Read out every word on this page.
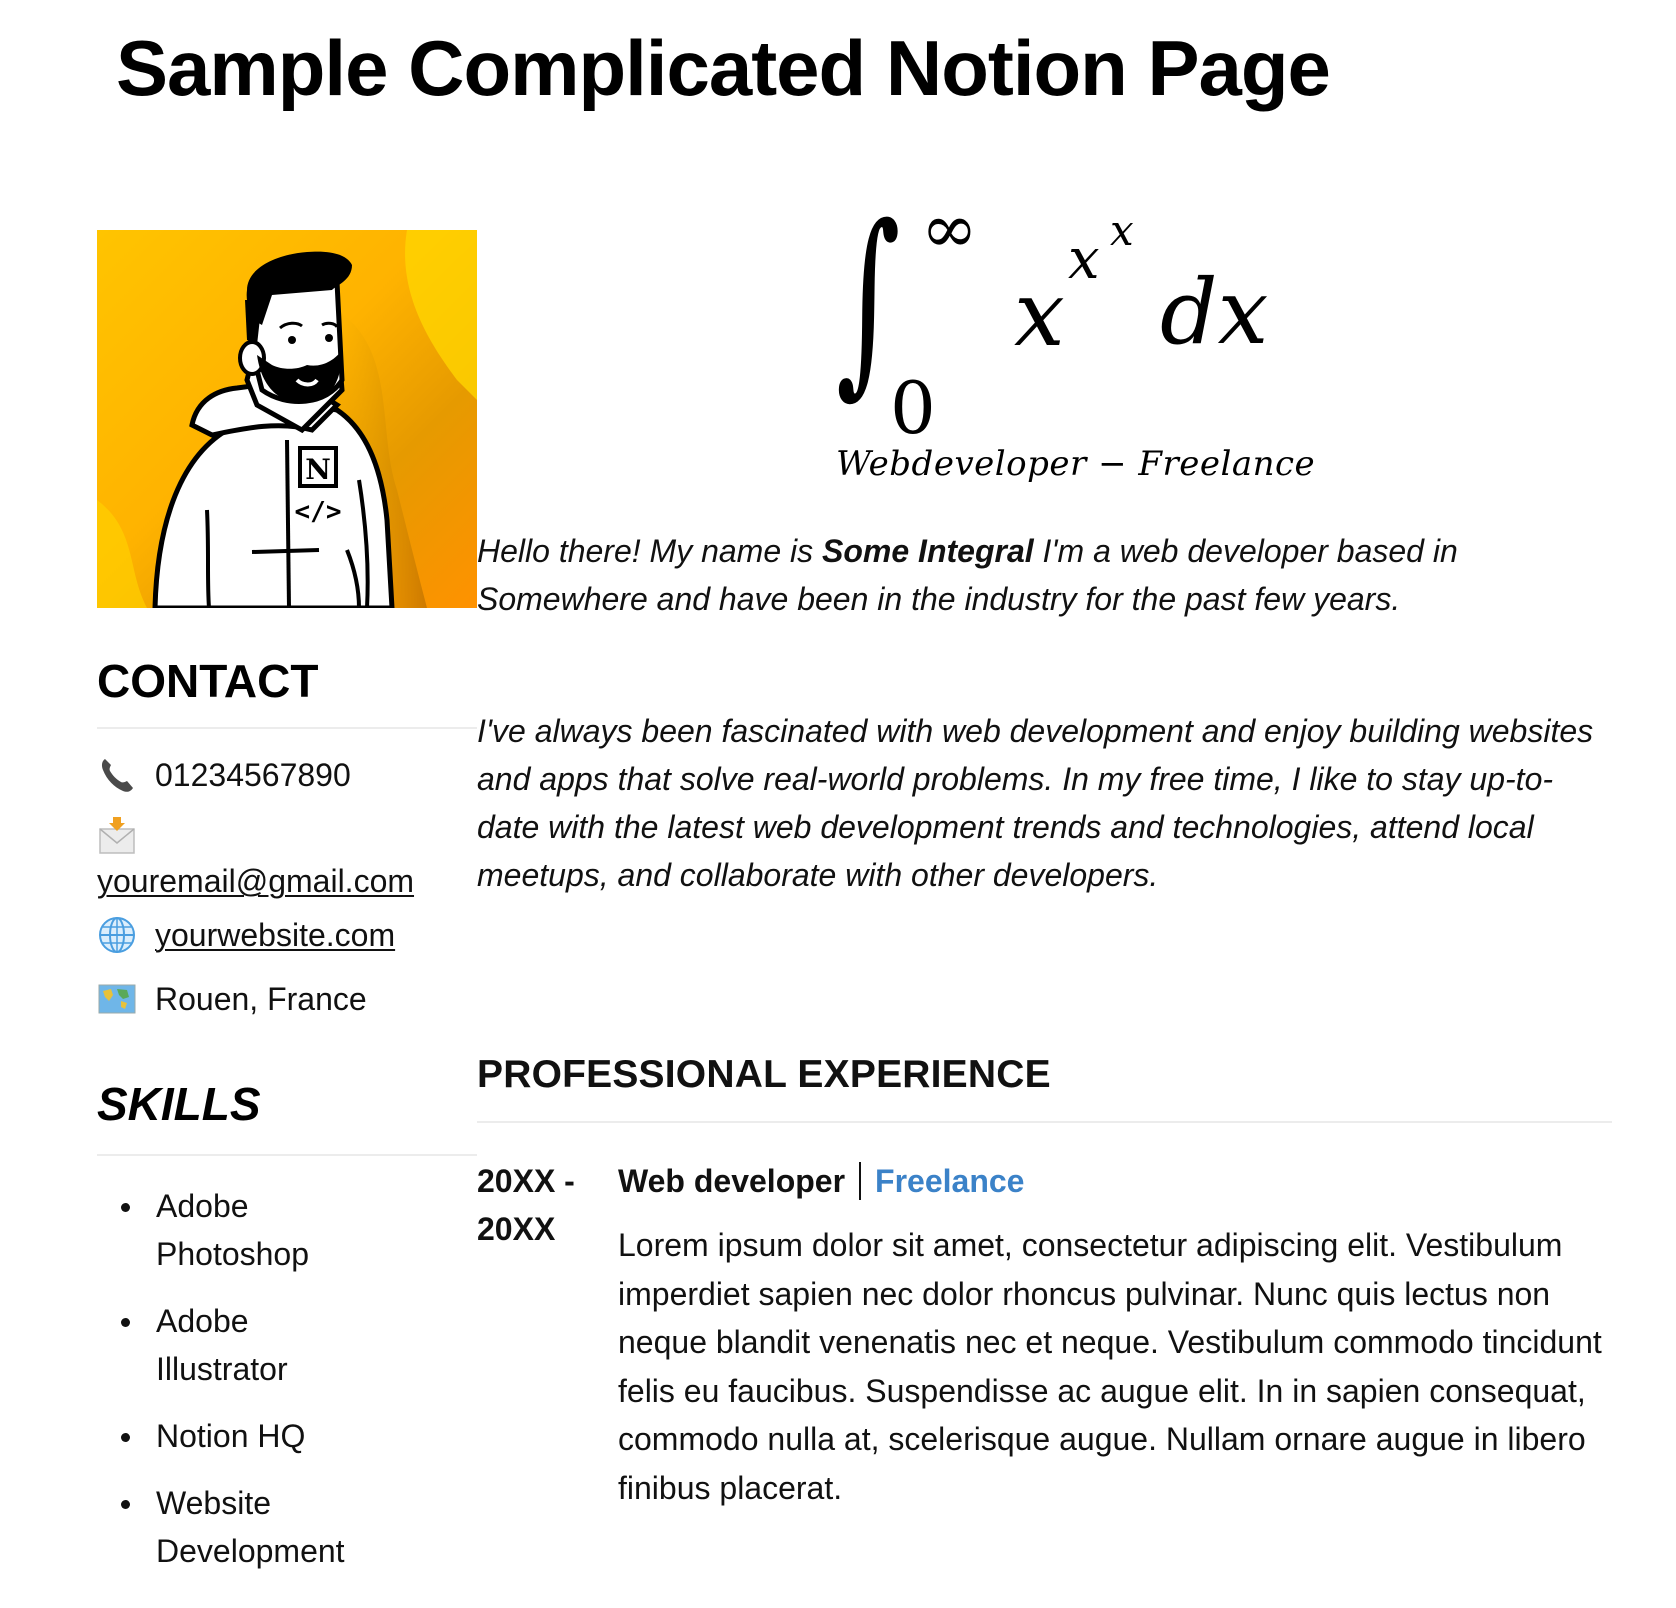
Sample Complicated Notion Page
N
</>
CONTACT
01234567890
youremail@gmail.com
yourwebsite.com
Rouen, France
SKILLS
Adobe Photoshop
Adobe Illustrator
Notion HQ
Website Development
∫ ∞
0
x
x x
dx
Webdeveloper − Freelance

Hello there! My name is Some Integral I'm a web developer based in Somewhere and have been in the industry for the past few years.

I've always been fascinated with web development and enjoy building websites and apps that solve real-world problems. In my free time, I like to stay up-to-date with the latest web development trends and technologies, attend local meetups, and collaborate with other developers.

PROFESSIONAL EXPERIENCE
20XX -
20XX
Web developer Freelance

Lorem ipsum dolor sit amet, consectetur adipiscing elit. Vestibulum imperdiet sapien nec dolor rhoncus pulvinar. Nunc quis lectus non neque blandit venenatis nec et neque. Vestibulum commodo tincidunt felis eu faucibus. Suspendisse ac augue elit. In in sapien consequat, commodo nulla at, scelerisque augue. Nullam ornare augue in libero finibus placerat.
